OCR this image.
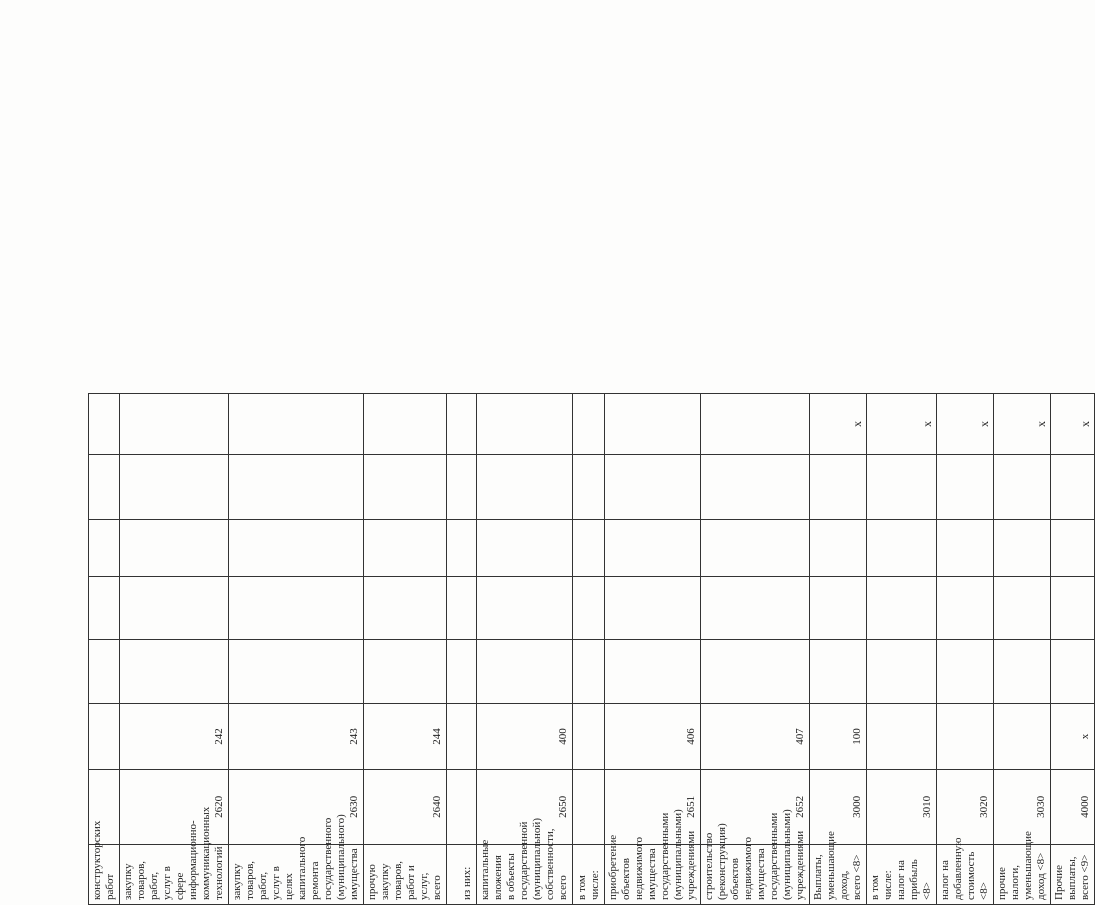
конструкторских работ							

закупку товаров, работ, услуг в сфере информационно-коммуникационных технологий	2620	242					

закупку товаров, работ, услуг в целях капитального ремонта государственного (муниципального) имущества	2630	243					

прочую закупку товаров, работ и услуг, всего	2640	244					

из них:							

капитальные вложения в объекты государственной (муниципальной) собственности, всего	2650	400					

в том числе:							

приобретение объектов недвижимого имущества государственными (муниципальными) учреждениями	2651	406					

строительство (реконструкция) объектов недвижимого имущества государственными (муниципальными) учреждениями	2652	407					

Выплаты, уменьшающие доход, всего <8>	3000	100					x

в том числе: налог на прибыль <8>	3010						x

налог на добавленную стоимость <8>	3020						x

прочие налоги, уменьшающие доход <8>	3030						x

Прочие выплаты, всего <9>	4000	x					x
